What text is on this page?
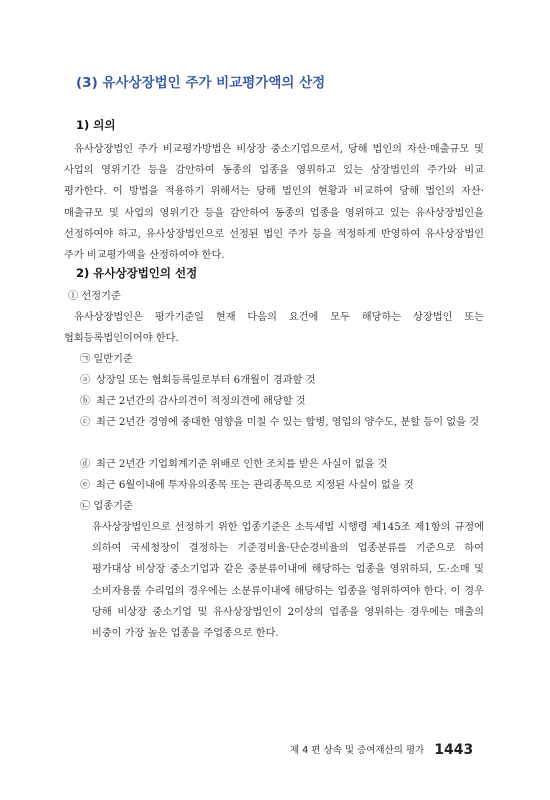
(3) 유사상장법인 주가 비교평가액의 산정
1) 의의

유사상장법인 주가 비교평가방법은 비상장 중소기업으로서, 당해 법인의 자산·매출규모 및 사업의 영위기간 등을 감안하여 동종의 업종을 영위하고 있는 상장법인의 주가와 비교 평가한다. 이 방법을 적용하기 위해서는 당해 법인의 현황과 비교하여 당해 법인의 자산·매출규모 및 사업의 영위기간 등을 감안하여 동종의 업종을 영위하고 있는 유사상장법인을 선정하여야 하고, 유사상장법인으로 선정된 법인 주가 등을 적정하게 반영하여 유사상장법인 주가 비교평가액을 산정하여야 한다.

2) 유사상장법인의 선정
① 선정기준

유사상장법인은 평가기준일 현재 다음의 요건에 모두 해당하는 상장법인 또는 협회등록법인이어야 한다.

㉠ 일반기준
ⓐ 상장일 또는 협회등록일로부터 6개월이 경과할 것
ⓑ 최근 2년간의 감사의견이 적정의견에 해당할 것
ⓒ 최근 2년간 경영에 중대한 영향을 미칠 수 있는 합병, 영업의 양수도, 분할 등이 없을 것
ⓓ 최근 2년간 기업회계기준 위배로 인한 조치를 받은 사실이 없을 것
ⓔ 최근 6월이내에 투자유의종목 또는 관리종목으로 지정된 사실이 없을 것
㉡ 업종기준

유사상장법인으로 선정하기 위한 업종기준은 소득세법 시행령 제145조 제1항의 규정에 의하여 국세청장이 결정하는 기준경비율·단순경비율의 업종분류를 기준으로 하여 평가대상 비상장 중소기업과 같은 중분류이내에 해당하는 업종을 영위하되, 도·소매 및 소비자용품 수리업의 경우에는 소분류이내에 해당하는 업종을 영위하여야 한다. 이 경우 당해 비상장 중소기업 및 유사상장법인이 2이상의 업종을 영위하는 경우에는 매출의 비중이 가장 높은 업종을 주업종으로 한다.

제 4 편 상속 및 증여재산의 평가 1443
